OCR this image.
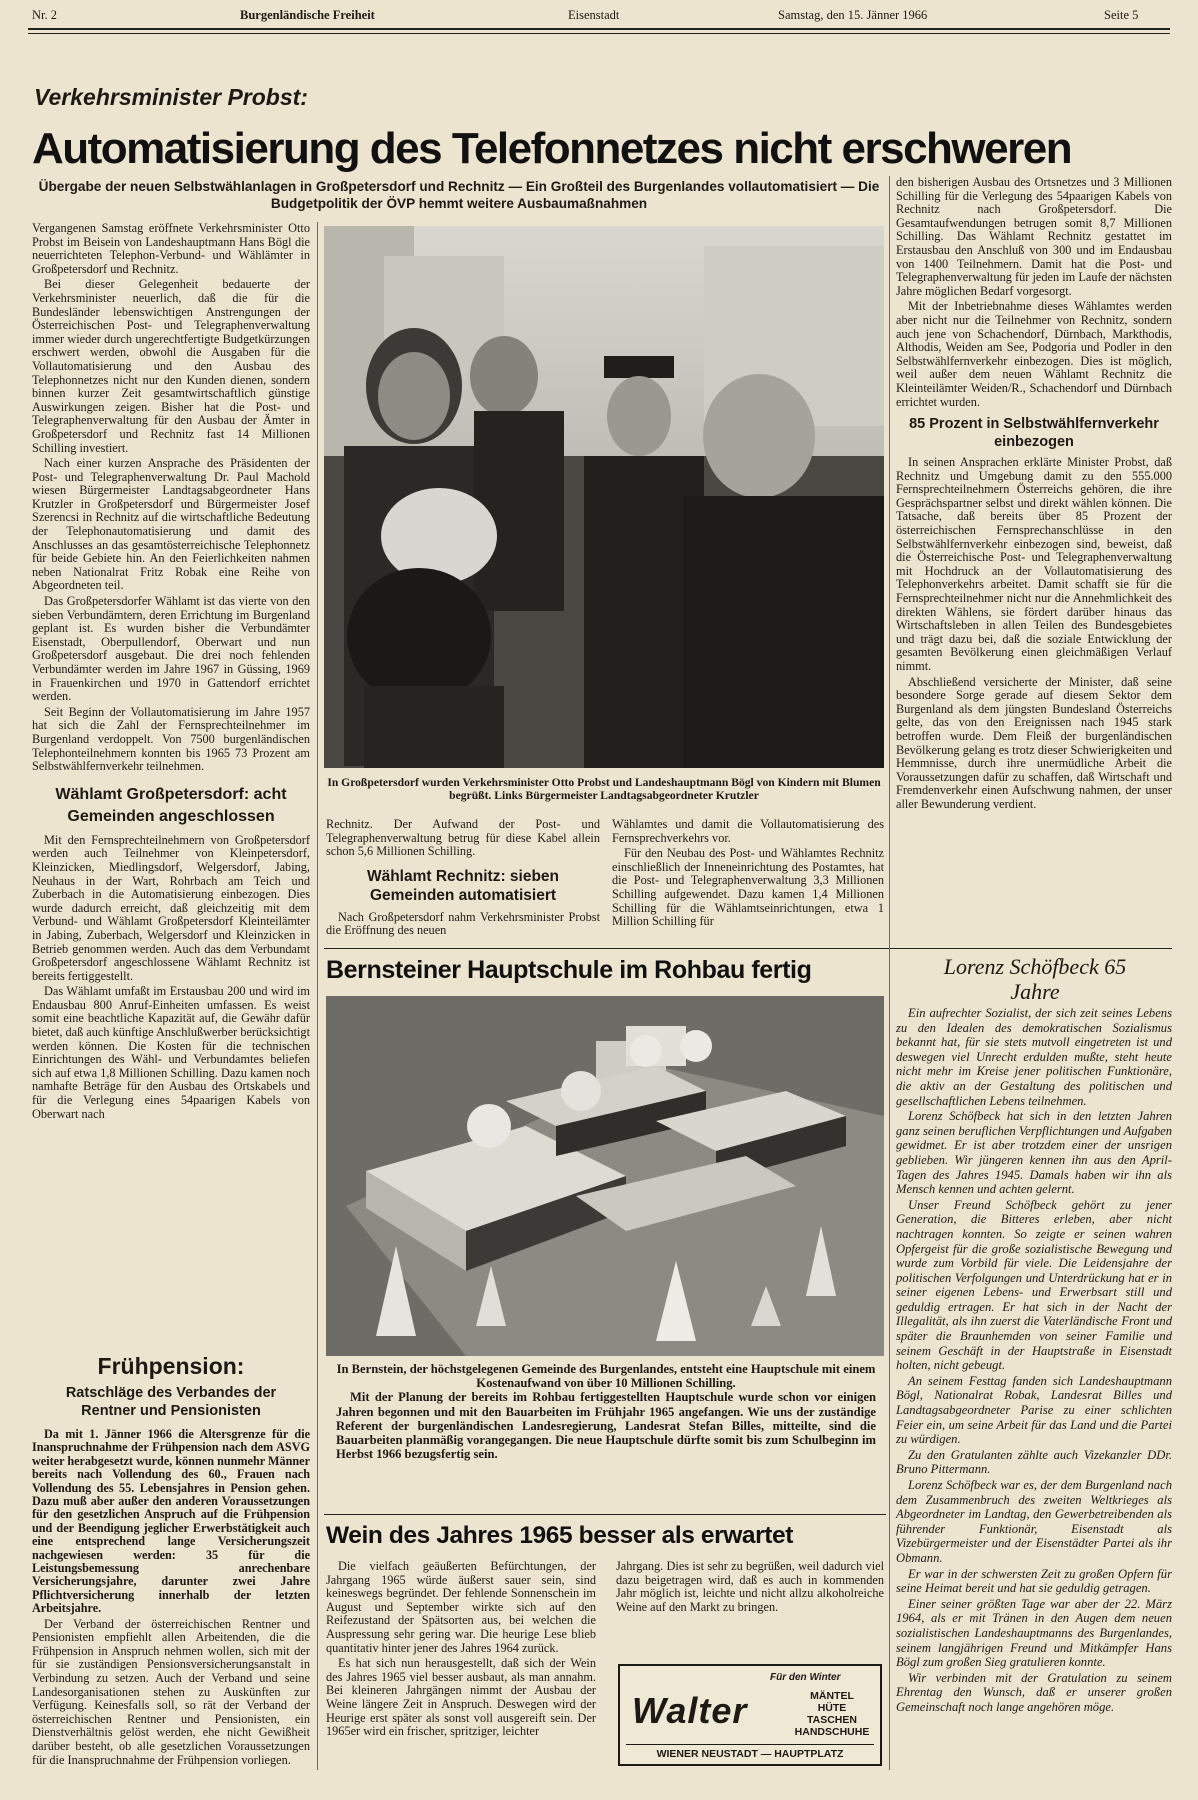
Nr. 2	Burgenländische Freiheit	Eisenstadt	Samstag, den 15. Jänner 1966	Seite 5
Verkehrsminister Probst:
Automatisierung des Telefonnetzes nicht erschweren
Übergabe der neuen Selbstwählanlagen in Großpetersdorf und Rechnitz — Ein Großteil des Burgenlandes vollautomatisiert — Die Budgetpolitik der ÖVP hemmt weitere Ausbaumaßnahmen

Vergangenen Samstag eröffnete Verkehrsminister Otto Probst im Beisein von Landeshauptmann Hans Bögl die neuerrichteten Telephon-Verbund- und Wählämter in Großpetersdorf und Rechnitz.

Bei dieser Gelegenheit bedauerte der Verkehrsminister neuerlich, daß die für die Bundesländer lebenswichtigen Anstrengungen der Österreichischen Post- und Telegraphenverwaltung immer wieder durch ungerechtfertigte Budgetkürzungen erschwert werden, obwohl die Ausgaben für die Vollautomatisierung und den Ausbau des Telephonnetzes nicht nur den Kunden dienen, sondern binnen kurzer Zeit gesamtwirtschaftlich günstige Auswirkungen zeigen. Bisher hat die Post- und Telegraphenverwaltung für den Ausbau der Ämter in Großpetersdorf und Rechnitz fast 14 Millionen Schilling investiert.

Nach einer kurzen Ansprache des Präsidenten der Post- und Telegraphenverwaltung Dr. Paul Machold wiesen Bürgermeister Landtagsabgeordneter Hans Krutzler in Großpetersdorf und Bürgermeister Josef Szerencsi in Rechnitz auf die wirtschaftliche Bedeutung der Telephonautomatisierung und damit des Anschlusses an das gesamtösterreichische Telephonnetz für beide Gebiete hin. An den Feierlichkeiten nahmen neben Nationalrat Fritz Robak eine Reihe von Abgeordneten teil.

Das Großpetersdorfer Wählamt ist das vierte von den sieben Verbundämtern, deren Errichtung im Burgenland geplant ist. Es wurden bisher die Verbundämter Eisenstadt, Oberpullendorf, Oberwart und nun Großpetersdorf ausgebaut. Die drei noch fehlenden Verbundämter werden im Jahre 1967 in Güssing, 1969 in Frauenkirchen und 1970 in Gattendorf errichtet werden.

Seit Beginn der Vollautomatisierung im Jahre 1957 hat sich die Zahl der Fernsprechteilnehmer im Burgenland verdoppelt. Von 7500 burgenländischen Telephonteilnehmern konnten bis 1965 73 Prozent am Selbstwählfernverkehr teilnehmen.

Wählamt Großpetersdorf: acht Gemeinden angeschlossen

Mit den Fernsprechteilnehmern von Großpetersdorf werden auch Teilnehmer von Kleinpetersdorf, Kleinzicken, Miedlingsdorf, Welgersdorf, Jabing, Neuhaus in der Wart, Rohrbach am Teich und Zuberbach in die Automatisierung einbezogen. Dies wurde dadurch erreicht, daß gleichzeitig mit dem Verbund- und Wählamt Großpetersdorf Kleinteilämter in Jabing, Zuberbach, Welgersdorf und Kleinzicken in Betrieb genommen werden. Auch das dem Verbundamt Großpetersdorf angeschlossene Wählamt Rechnitz ist bereits fertiggestellt.

Das Wählamt umfaßt im Erstausbau 200 und wird im Endausbau 800 Anruf-Einheiten umfassen. Es weist somit eine beachtliche Kapazität auf, die Gewähr dafür bietet, daß auch künftige Anschlußwerber berücksichtigt werden können. Die Kosten für die technischen Einrichtungen des Wähl- und Verbundamtes beliefen sich auf etwa 1,8 Millionen Schilling. Dazu kamen noch namhafte Beträge für den Ausbau des Ortskabels und für die Verlegung eines 54paarigen Kabels von Oberwart nach

In Großpetersdorf wurden Verkehrsminister Otto Probst und Landeshauptmann Bögl von Kindern mit Blumen begrüßt. Links Bürgermeister Landtagsabgeordneter Krutzler

Rechnitz. Der Aufwand der Post- und Telegraphenverwaltung betrug für diese Kabel allein schon 5,6 Millionen Schilling.

Wählamt Rechnitz: sieben Gemeinden automatisiert

Nach Großpetersdorf nahm Verkehrsminister Probst die Eröffnung des neuen

Wählamtes und damit die Vollautomatisierung des Fernsprechverkehrs vor.

Für den Neubau des Post- und Wählamtes Rechnitz einschließlich der Inneneinrichtung des Postamtes, hat die Post- und Telegraphenverwaltung 3,3 Millionen Schilling aufgewendet. Dazu kamen 1,4 Millionen Schilling für die Wählamtseinrichtungen, etwa 1 Million Schilling für

den bisherigen Ausbau des Ortsnetzes und 3 Millionen Schilling für die Verlegung des 54paarigen Kabels von Rechnitz nach Großpetersdorf. Die Gesamtaufwendungen betrugen somit 8,7 Millionen Schilling. Das Wählamt Rechnitz gestattet im Erstausbau den Anschluß von 300 und im Endausbau von 1400 Teilnehmern. Damit hat die Post- und Telegraphenverwaltung für jeden im Laufe der nächsten Jahre möglichen Bedarf vorgesorgt.

Mit der Inbetriebnahme dieses Wählamtes werden aber nicht nur die Teilnehmer von Rechnitz, sondern auch jene von Schachendorf, Dürnbach, Markthodis, Althodis, Weiden am See, Podgoria und Podler in den Selbstwählfernverkehr einbezogen. Dies ist möglich, weil außer dem neuen Wählamt Rechnitz die Kleinteilämter Weiden/R., Schachendorf und Dürnbach errichtet wurden.

85 Prozent in Selbstwählfernverkehr einbezogen

In seinen Ansprachen erklärte Minister Probst, daß Rechnitz und Umgebung damit zu den 555.000 Fernsprechteilnehmern Österreichs gehören, die ihre Gesprächspartner selbst und direkt wählen können. Die Tatsache, daß bereits über 85 Prozent der österreichischen Fernsprechanschlüsse in den Selbstwählfernverkehr einbezogen sind, beweist, daß die Österreichische Post- und Telegraphenverwaltung mit Hochdruck an der Vollautomatisierung des Telephonverkehrs arbeitet. Damit schafft sie für die Fernsprechteilnehmer nicht nur die Annehmlichkeit des direkten Wählens, sie fördert darüber hinaus das Wirtschaftsleben in allen Teilen des Bundesgebietes und trägt dazu bei, daß die soziale Entwicklung der gesamten Bevölkerung einen gleichmäßigen Verlauf nimmt.

Abschließend versicherte der Minister, daß seine besondere Sorge gerade auf diesem Sektor dem Burgenland als dem jüngsten Bundesland Österreichs gelte, das von den Ereignissen nach 1945 stark betroffen wurde. Dem Fleiß der burgenländischen Bevölkerung gelang es trotz dieser Schwierigkeiten und Hemmnisse, durch ihre unermüdliche Arbeit die Voraussetzungen dafür zu schaffen, daß Wirtschaft und Fremdenverkehr einen Aufschwung nahmen, der unser aller Bewunderung verdient.

Bernsteiner Hauptschule im Rohbau fertig
In Bernstein, der höchstgelegenen Gemeinde des Burgenlandes, entsteht eine Hauptschule mit einem Kostenaufwand von über 10 Millionen Schilling.
Mit der Planung der bereits im Rohbau fertiggestellten Hauptschule wurde schon vor einigen Jahren begonnen und mit den Bauarbeiten im Frühjahr 1965 angefangen. Wie uns der zuständige Referent der burgenländischen Landesregierung, Landesrat Stefan Billes, mitteilte, sind die Bauarbeiten planmäßig vorangegangen. Die neue Hauptschule dürfte somit bis zum Schulbeginn im Herbst 1966 bezugsfertig sein.
Frühpension:
Ratschläge des Verbandes der Rentner und Pensionisten
Da mit 1. Jänner 1966 die Altersgrenze für die Inanspruchnahme der Frühpension nach dem ASVG weiter herabgesetzt wurde, können nunmehr Männer bereits nach Vollendung des 60., Frauen nach Vollendung des 55. Lebensjahres in Pension gehen. Dazu muß aber außer den anderen Voraussetzungen für den gesetzlichen Anspruch auf die Frühpension und der Beendigung jeglicher Erwerbstätigkeit auch eine entsprechend lange Versicherungszeit nachgewiesen werden: 35 für die Leistungsbemessung anrechenbare Versicherungsjahre, darunter zwei Jahre Pflichtversicherung innerhalb der letzten Arbeitsjahre.

Der Verband der österreichischen Rentner und Pensionisten empfiehlt allen Arbeitenden, die die Frühpension in Anspruch nehmen wollen, sich mit der für sie zuständigen Pensionsversicherungsanstalt in Verbindung zu setzen. Auch der Verband und seine Landesorganisationen stehen zu Auskünften zur Verfügung. Keinesfalls soll, so rät der Verband der österreichischen Rentner und Pensionisten, ein Dienstverhältnis gelöst werden, ehe nicht Gewißheit darüber besteht, ob alle gesetzlichen Voraussetzungen für die Inanspruchnahme der Frühpension vorliegen.

Wein des Jahres 1965 besser als erwartet

Die vielfach geäußerten Befürchtungen, der Jahrgang 1965 würde äußerst sauer sein, sind keineswegs begründet. Der fehlende Sonnenschein im August und September wirkte sich auf den Reifezustand der Spätsorten aus, bei welchen die Auspressung sehr gering war. Die heurige Lese blieb quantitativ hinter jener des Jahres 1964 zurück.

Es hat sich nun herausgestellt, daß sich der Wein des Jahres 1965 viel besser ausbaut, als man annahm. Bei kleineren Jahrgängen nimmt der Ausbau der Weine längere Zeit in Anspruch. Deswegen wird der Heurige erst später als sonst voll ausgereift sein. Der 1965er wird ein frischer, spritziger, leichter

Jahrgang. Dies ist sehr zu begrüßen, weil dadurch viel dazu beigetragen wird, daß es auch in kommenden Jahr möglich ist, leichte und nicht allzu alkoholreiche Weine auf den Markt zu bringen.

Für den Winter
Walter	MÄNTEL
HÜTE
TASCHEN
HANDSCHUHE
WIENER NEUSTADT — HAUPTPLATZ
Lorenz Schöfbeck 65 Jahre

Ein aufrechter Sozialist, der sich zeit seines Lebens zu den Idealen des demokratischen Sozialismus bekannt hat, für sie stets mutvoll eingetreten ist und deswegen viel Unrecht erdulden mußte, steht heute nicht mehr im Kreise jener politischen Funktionäre, die aktiv an der Gestaltung des politischen und gesellschaftlichen Lebens teilnehmen.

Lorenz Schöfbeck hat sich in den letzten Jahren ganz seinen beruflichen Verpflichtungen und Aufgaben gewidmet. Er ist aber trotzdem einer der unsrigen geblieben. Wir jüngeren kennen ihn aus den April-Tagen des Jahres 1945. Damals haben wir ihn als Mensch kennen und achten gelernt.

Unser Freund Schöfbeck gehört zu jener Generation, die Bitteres erleben, aber nicht nachtragen konnten. So zeigte er seinen wahren Opfergeist für die große sozialistische Bewegung und wurde zum Vorbild für viele. Die Leidensjahre der politischen Verfolgungen und Unterdrückung hat er in seiner eigenen Lebens- und Erwerbsart still und geduldig ertragen. Er hat sich in der Nacht der Illegalität, als ihn zuerst die Vaterländische Front und später die Braunhemden von seiner Familie und seinem Geschäft in der Hauptstraße in Eisenstadt holten, nicht gebeugt.

An seinem Festtag fanden sich Landeshauptmann Bögl, Nationalrat Robak, Landesrat Billes und Landtagsabgeordneter Parise zu einer schlichten Feier ein, um seine Arbeit für das Land und die Partei zu würdigen.

Zu den Gratulanten zählte auch Vizekanzler DDr. Bruno Pittermann.

Lorenz Schöfbeck war es, der dem Burgenland nach dem Zusammenbruch des zweiten Weltkrieges als Abgeordneter im Landtag, den Gewerbetreibenden als führender Funktionär, Eisenstadt als Vizebürgermeister und der Eisenstädter Partei als ihr Obmann.

Er war in der schwersten Zeit zu großen Opfern für seine Heimat bereit und hat sie geduldig getragen.

Einer seiner größten Tage war aber der 22. März 1964, als er mit Tränen in den Augen dem neuen sozialistischen Landeshauptmanns des Burgenlandes, seinem langjährigen Freund und Mitkämpfer Hans Bögl zum großen Sieg gratulieren konnte.

Wir verbinden mit der Gratulation zu seinem Ehrentag den Wunsch, daß er unserer großen Gemeinschaft noch lange angehören möge.
